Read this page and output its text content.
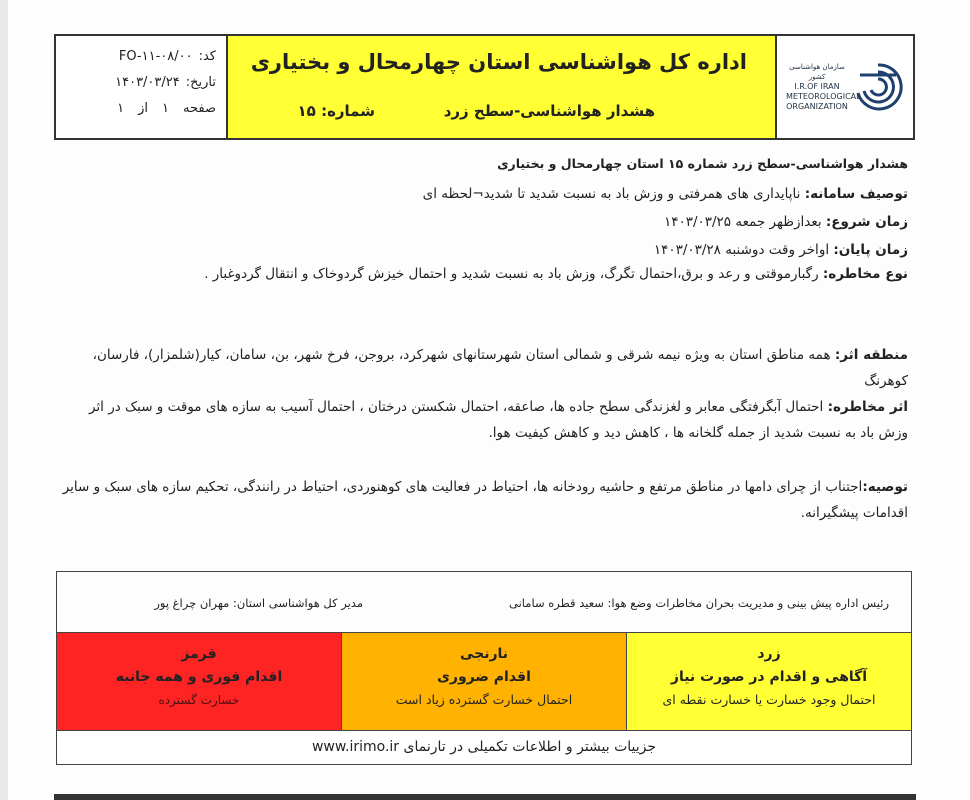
سازمان هواشناسی کشور
I.R.OF IRAN METEOROLOGICAL ORGANIZATION
اداره کل هواشناسی استان چهارمحال و بختیاری
هشدار هواشناسی-سطح زرد
شماره: ۱۵
کد:
FO-۱۱-۰۸/۰۰
تاریخ:
۱۴۰۳/۰۳/۲۴
صفحه
۱
از
۱

هشدار هواشناسی-سطح زرد شماره ۱۵ استان چهارمحال و بختیاری

توصیف سامانه: ناپایداری های همرفتی و وزش باد به نسبت شدید تا شدید¬لحظه ای

زمان شروع: بعدازظهر جمعه ۱۴۰۳/۰۳/۲۵

زمان پایان: اواخر وقت دوشنبه ۱۴۰۳/۰۳/۲۸

نوع مخاطره: رگبارموقتی و رعد و برق،احتمال تگرگ، وزش باد به نسبت شدید و احتمال خیزش گردوخاک و انتقال گردوغبار .

منطقه اثر: همه مناطق استان به ویژه نیمه شرقی و شمالی استان شهرستانهای شهرکرد، بروجن، فرخ شهر، بن، سامان، کیار(شلمزار)، فارسان، کوهرنگ

اثر مخاطره: احتمال آبگرفتگی معابر و لغزندگی سطح جاده ها، صاعقه، احتمال شکستن درختان ، احتمال آسیب به سازه های موقت و سبک در اثر وزش باد به نسبت شدید از جمله گلخانه ها ، کاهش دید و کاهش کیفیت هوا.

توصیه:اجتناب از چرای دامها در مناطق مرتفع و حاشیه رودخانه ها، احتیاط در فعالیت های کوهنوردی، احتیاط در رانندگی، تحکیم سازه های سبک و سایر اقدامات پیشگیرانه.

رئیس اداره پیش بینی و مدیریت بحران مخاطرات وضع هوا: سعید قطره سامانی
مدیر کل هواشناسی استان: مهران چراغ پور
زرد
آگاهی و اقدام در صورت نیاز
احتمال وجود خسارت یا خسارت نقطه ای
نارنجی
اقدام ضروری
احتمال خسارت گسترده زیاد است
قرمز
اقدام فوری و همه جانبه
خسارت گسترده
جزییات بیشتر و اطلاعات تکمیلی در تارنمای www.irimo.ir
